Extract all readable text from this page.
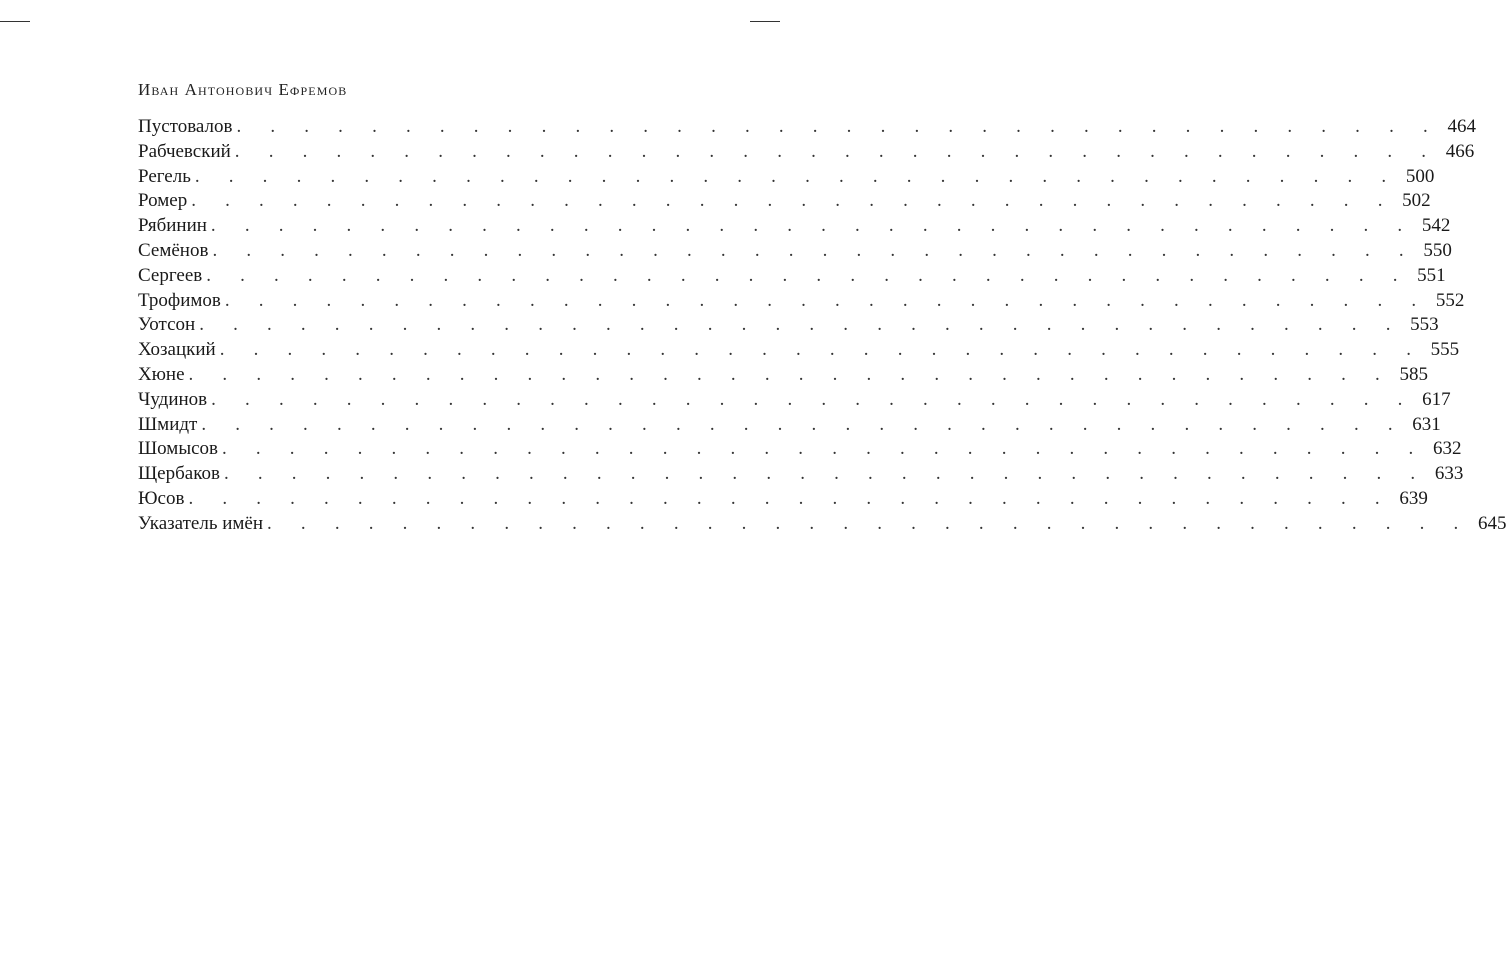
Иван Антонович Ефремов
Пустовалов . . . . . . . . . . . . . . . . . . . . . . . . . . . . . . . . . . . . 464
Рабчевский . . . . . . . . . . . . . . . . . . . . . . . . . . . . . . . . . . . . 466
Регель . . . . . . . . . . . . . . . . . . . . . . . . . . . . . . . . . . . . 500
Ромер . . . . . . . . . . . . . . . . . . . . . . . . . . . . . . . . . . . . 502
Рябинин . . . . . . . . . . . . . . . . . . . . . . . . . . . . . . . . . . . . 542
Семёнов . . . . . . . . . . . . . . . . . . . . . . . . . . . . . . . . . . . . 550
Сергеев . . . . . . . . . . . . . . . . . . . . . . . . . . . . . . . . . . . . 551
Трофимов . . . . . . . . . . . . . . . . . . . . . . . . . . . . . . . . . . . . 552
Уотсон . . . . . . . . . . . . . . . . . . . . . . . . . . . . . . . . . . . . 553
Хозацкий . . . . . . . . . . . . . . . . . . . . . . . . . . . . . . . . . . . . 555
Хюне . . . . . . . . . . . . . . . . . . . . . . . . . . . . . . . . . . . . 585
Чудинов . . . . . . . . . . . . . . . . . . . . . . . . . . . . . . . . . . . . 617
Шмидт . . . . . . . . . . . . . . . . . . . . . . . . . . . . . . . . . . . . 631
Шомысов . . . . . . . . . . . . . . . . . . . . . . . . . . . . . . . . . . . . 632
Щербаков . . . . . . . . . . . . . . . . . . . . . . . . . . . . . . . . . . . . 633
Юсов . . . . . . . . . . . . . . . . . . . . . . . . . . . . . . . . . . . . 639
Указатель имён . . . . . . . . . . . . . . . . . . . . . . . . . . . . . . . . . . . . 645
